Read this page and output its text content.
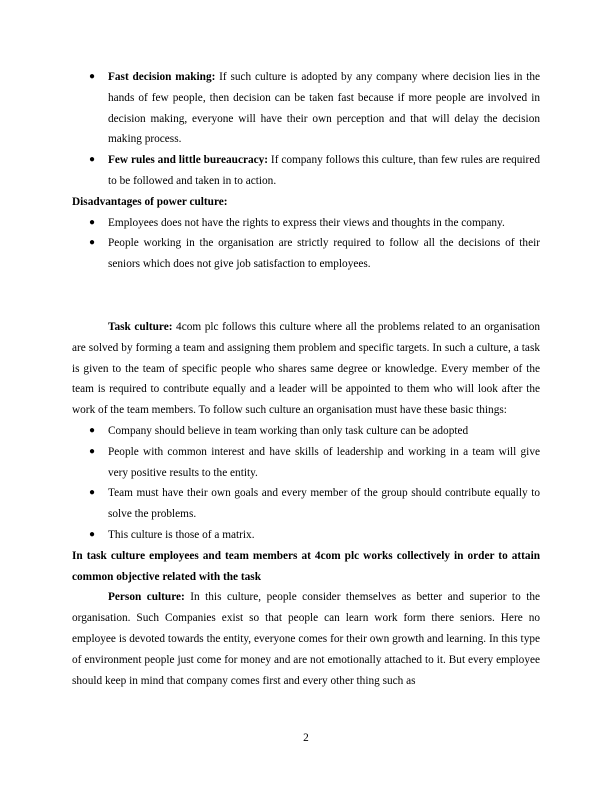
● Fast decision making: If such culture is adopted by any company where decision lies in the hands of few people, then decision can be taken fast because if more people are involved in decision making, everyone will have their own perception and that will delay the decision making process.
● Few rules and little bureaucracy: If company follows this culture, than few rules are required to be followed and taken in to action.
Disadvantages of power culture:
● Employees does not have the rights to express their views and thoughts in the company.
● People working in the organisation are strictly required to follow all the decisions of their seniors which does not give job satisfaction to employees.
Task culture: 4com plc follows this culture where all the problems related to an organisation are solved by forming a team and assigning them problem and specific targets. In such a culture, a task is given to the team of specific people who shares same degree or knowledge. Every member of the team is required to contribute equally and a leader will be appointed to them who will look after the work of the team members. To follow such culture an organisation must have these basic things:
● Company should believe in team working than only task culture can be adopted
● People with common interest and have skills of leadership and working in a team will give very positive results to the entity.
● Team must have their own goals and every member of the group should contribute equally to solve the problems.
● This culture is those of a matrix.
In task culture employees and team members at 4com plc works collectively in order to attain common objective related with the task
Person culture: In this culture, people consider themselves as better and superior to the organisation. Such Companies exist so that people can learn work form there seniors. Here no employee is devoted towards the entity, everyone comes for their own growth and learning. In this type of environment people just come for money and are not emotionally attached to it. But every employee should keep in mind that company comes first and every other thing such as
2
